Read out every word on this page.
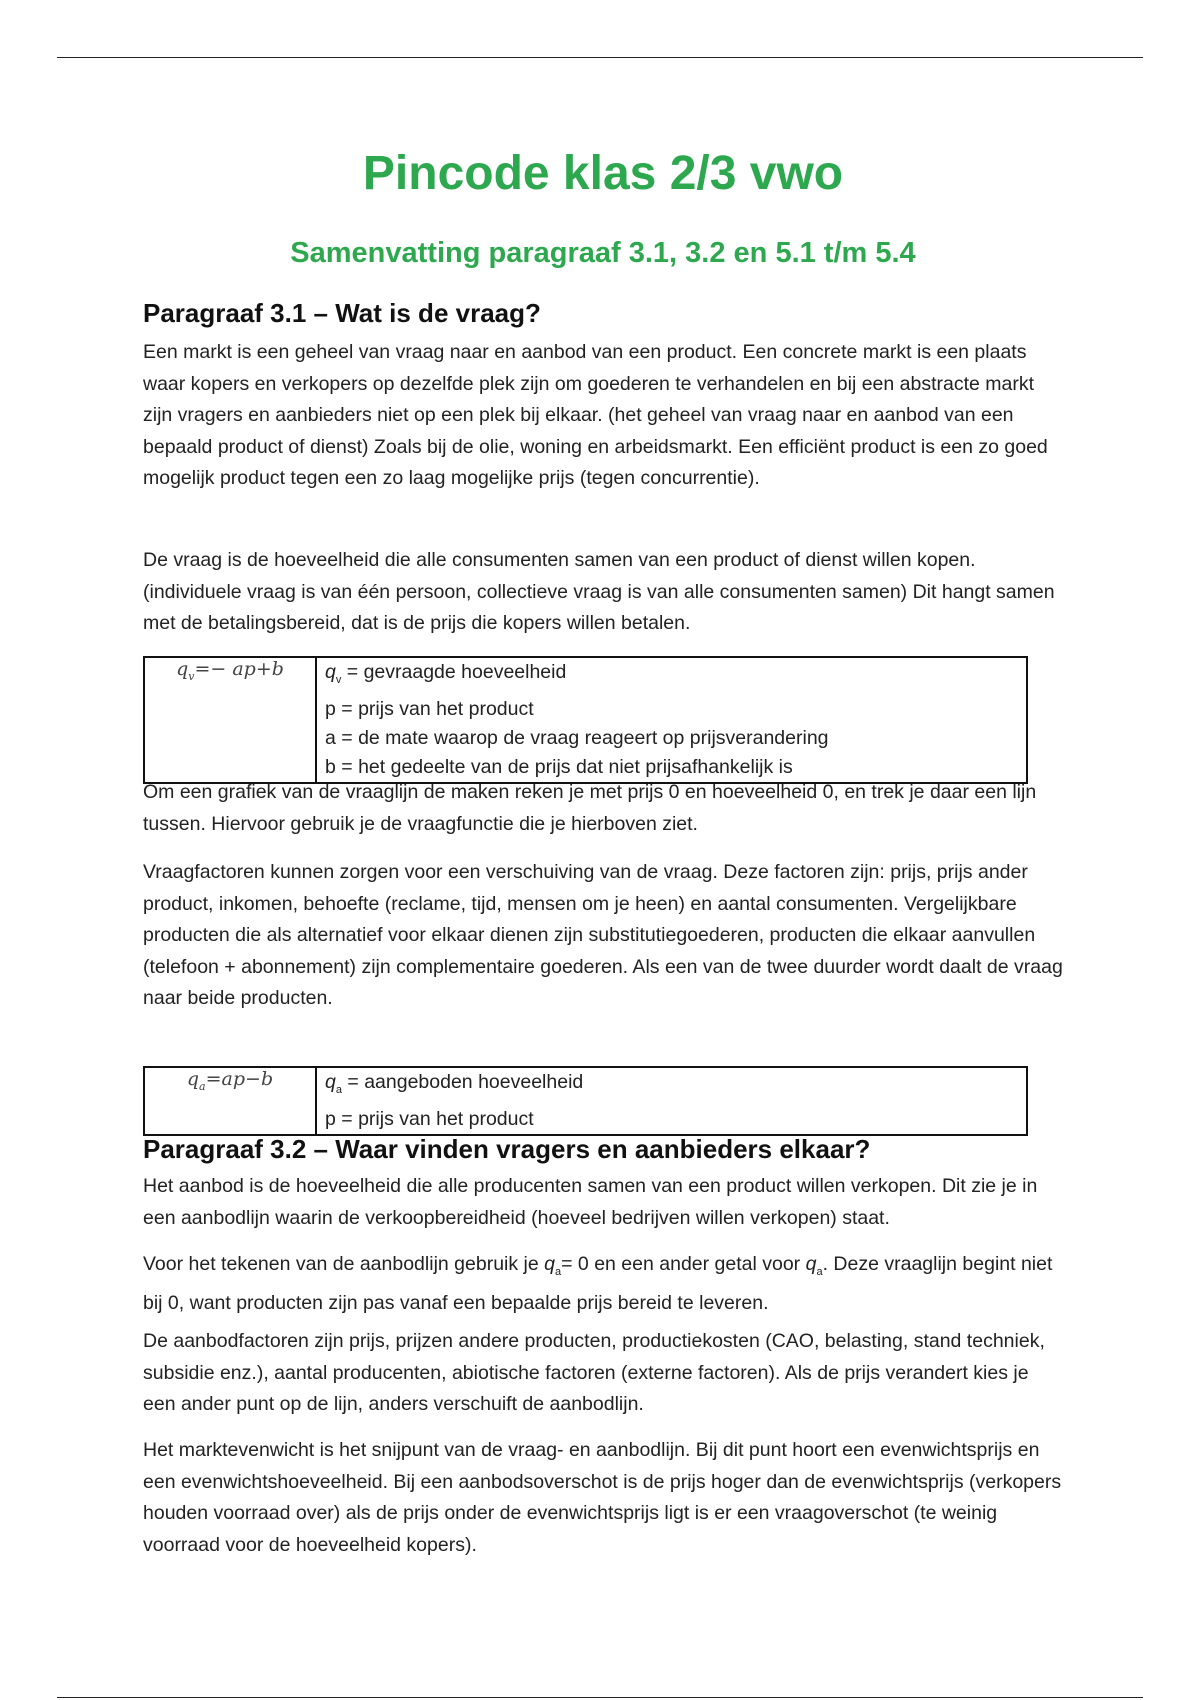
Pincode klas 2/3 vwo
Samenvatting paragraaf 3.1, 3.2 en 5.1 t/m 5.4
Paragraaf 3.1 – Wat is de vraag?

Een markt is een geheel van vraag naar en aanbod van een product. Een concrete markt is een plaats waar kopers en verkopers op dezelfde plek zijn om goederen te verhandelen en bij een abstracte markt zijn vragers en aanbieders niet op een plek bij elkaar. (het geheel van vraag naar en aanbod van een bepaald product of dienst) Zoals bij de olie, woning en arbeidsmarkt. Een efficiënt product is een zo goed mogelijk product tegen een zo laag mogelijke prijs (tegen concurrentie).

De vraag is de hoeveelheid die alle consumenten samen van een product of dienst willen kopen. (individuele vraag is van één persoon, collectieve vraag is van alle consumenten samen) Dit hangt samen met de betalingsbereid, dat is de prijs die kopers willen betalen.

$q_v=- ap+b$	$q_v$ = gevraagde hoeveelheid
p = prijs van het product
a = de mate waarop de vraag reageert op prijsverandering
b = het gedeelte van de prijs dat niet prijsafhankelijk is

Om een grafiek van de vraaglijn de maken reken je met prijs 0 en hoeveelheid 0, en trek je daar een lijn tussen. Hiervoor gebruik je de vraagfunctie die je hierboven ziet.

Vraagfactoren kunnen zorgen voor een verschuiving van de vraag. Deze factoren zijn: prijs, prijs ander product, inkomen, behoefte (reclame, tijd, mensen om je heen) en aantal consumenten. Vergelijkbare producten die als alternatief voor elkaar dienen zijn substitutiegoederen, producten die elkaar aanvullen (telefoon + abonnement) zijn complementaire goederen. Als een van de twee duurder wordt daalt de vraag naar beide producten.

$q_a=ap-b$	$q_a$ = aangeboden hoeveelheid
p = prijs van het product
Paragraaf 3.2 – Waar vinden vragers en aanbieders elkaar?

Het aanbod is de hoeveelheid die alle producenten samen van een product willen verkopen. Dit zie je in een aanbodlijn waarin de verkoopbereidheid (hoeveel bedrijven willen verkopen) staat.

Voor het tekenen van de aanbodlijn gebruik je $q_a= 0$ en een ander getal voor $q_a$. Deze vraaglijn begint niet bij 0, want producten zijn pas vanaf een bepaalde prijs bereid te leveren.

De aanbodfactoren zijn prijs, prijzen andere producten, productiekosten (CAO, belasting, stand techniek, subsidie enz.), aantal producenten, abiotische factoren (externe factoren). Als de prijs verandert kies je een ander punt op de lijn, anders verschuift de aanbodlijn.

Het marktevenwicht is het snijpunt van de vraag- en aanbodlijn. Bij dit punt hoort een evenwichtsprijs en een evenwichtshoeveelheid. Bij een aanbodsoverschot is de prijs hoger dan de evenwichtsprijs (verkopers houden voorraad over) als de prijs onder de evenwichtsprijs ligt is er een vraagoverschot (te weinig voorraad voor de hoeveelheid kopers).
